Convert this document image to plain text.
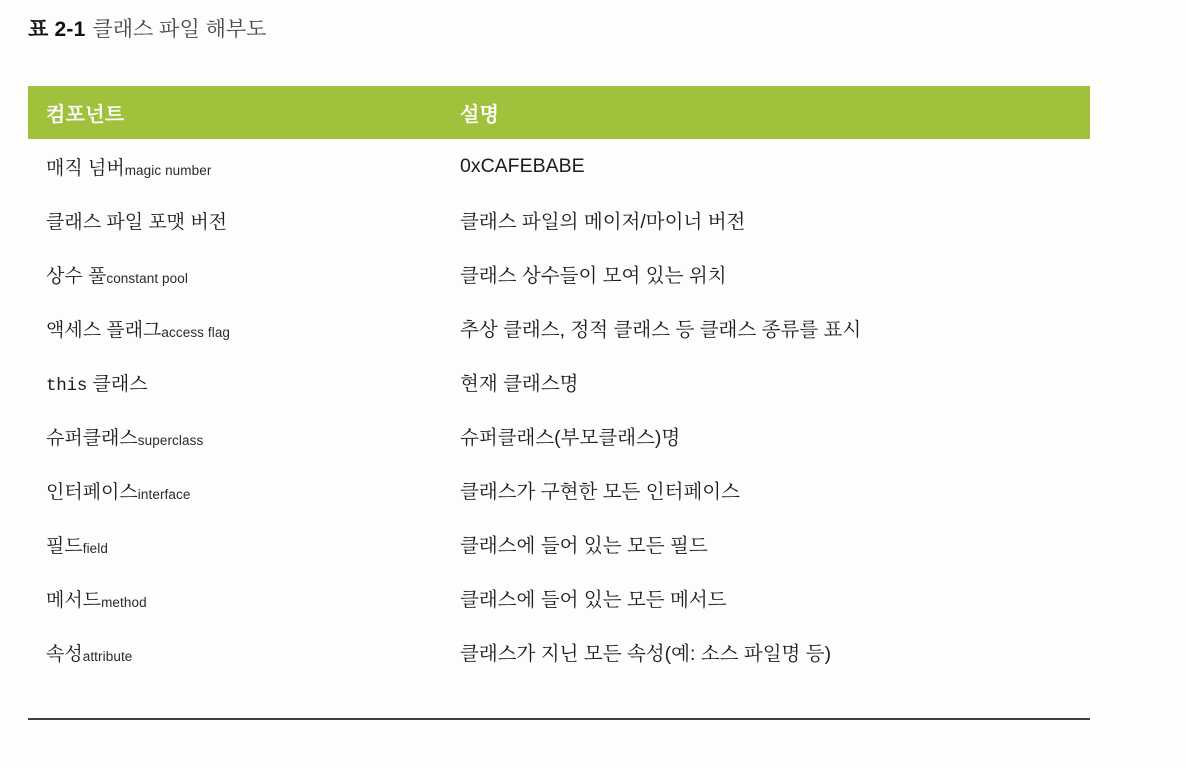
표 2-1 클래스 파일 해부도
컴포넌트	설명
매직 넘버magic number	0xCAFEBABE
클래스 파일 포맷 버전	클래스 파일의 메이저/마이너 버전
상수 풀constant pool	클래스 상수들이 모여 있는 위치
액세스 플래그access flag	추상 클래스, 정적 클래스 등 클래스 종류를 표시
this 클래스	현재 클래스명
슈퍼클래스superclass	슈퍼클래스(부모클래스)명
인터페이스interface	클래스가 구현한 모든 인터페이스
필드field	클래스에 들어 있는 모든 필드
메서드method	클래스에 들어 있는 모든 메서드
속성attribute	클래스가 지닌 모든 속성(예: 소스 파일명 등)
